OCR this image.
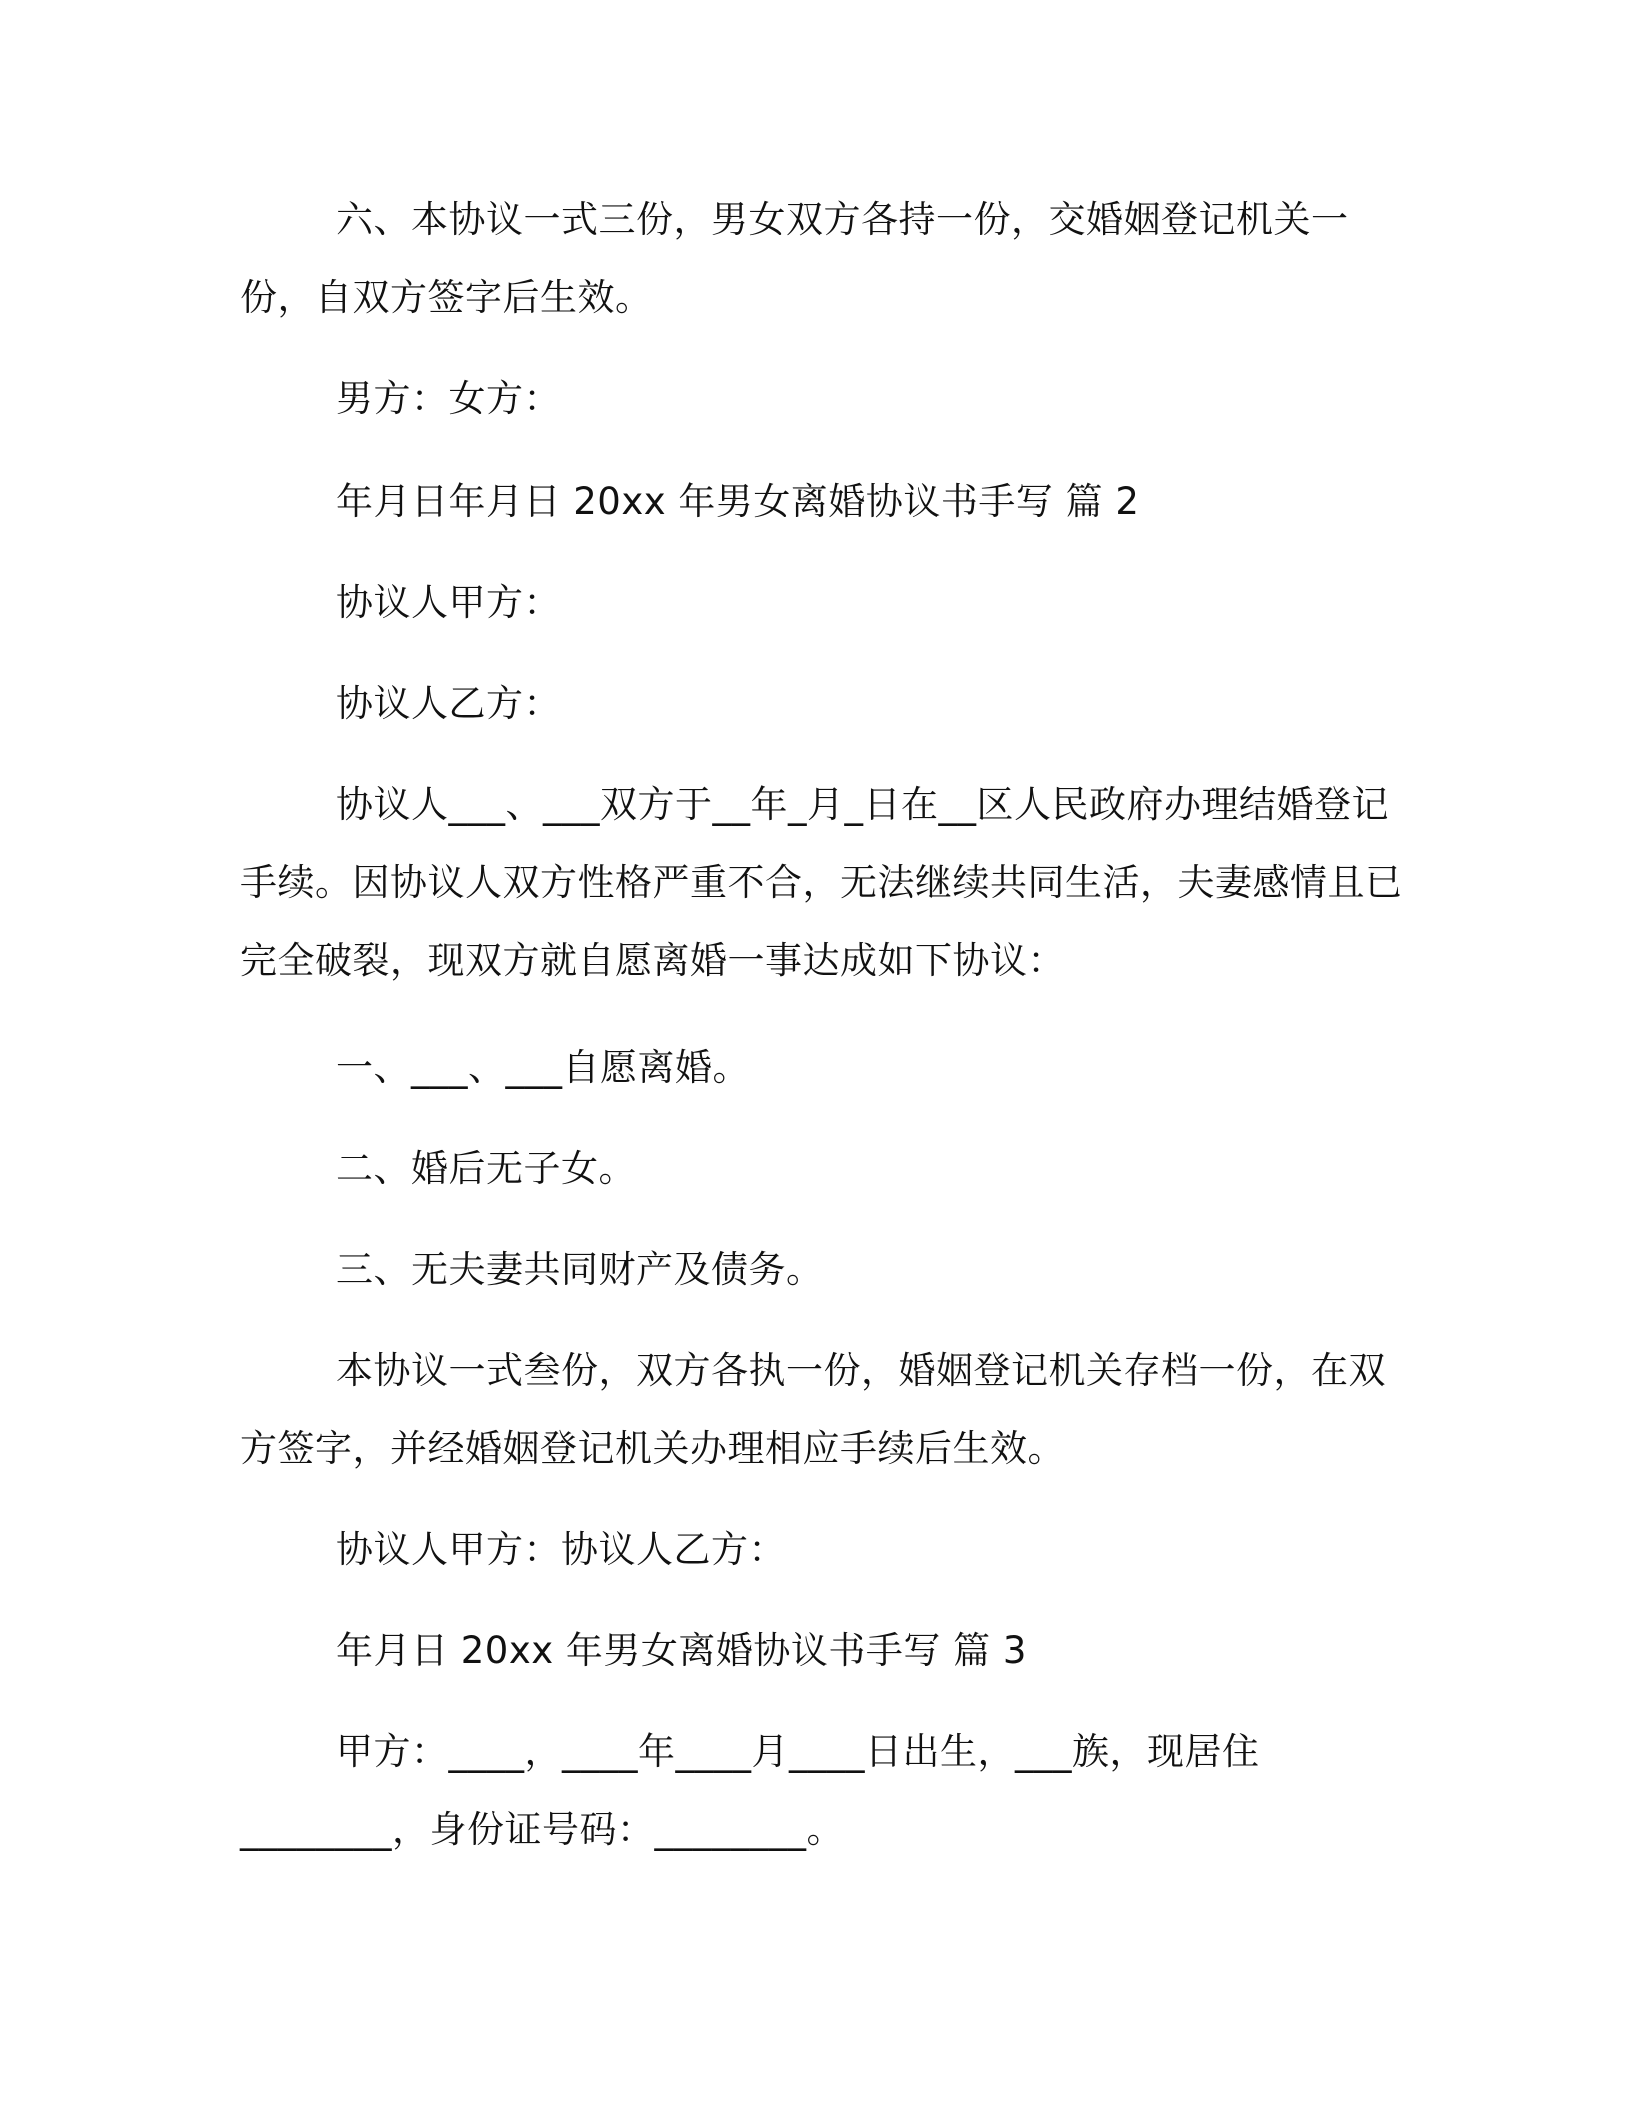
六、本协议一式三份，男女双方各持一份，交婚姻登记机关一份，自双方签字后生效。

男方：女方：

年月日年月日 20xx 年男女离婚协议书手写 篇 2

协议人甲方：

协议人乙方：

协议人___、___双方于__年_月_日在__区人民政府办理结婚登记手续。因协议人双方性格严重不合，无法继续共同生活，夫妻感情且已完全破裂，现双方就自愿离婚一事达成如下协议：

一、___、___自愿离婚。

二、婚后无子女。

三、无夫妻共同财产及债务。

本协议一式叁份，双方各执一份，婚姻登记机关存档一份，在双方签字，并经婚姻登记机关办理相应手续后生效。

协议人甲方：协议人乙方：

年月日 20xx 年男女离婚协议书手写 篇 3

甲方：____，____年____月____日出生，___族，现居住________，身份证号码：________。
